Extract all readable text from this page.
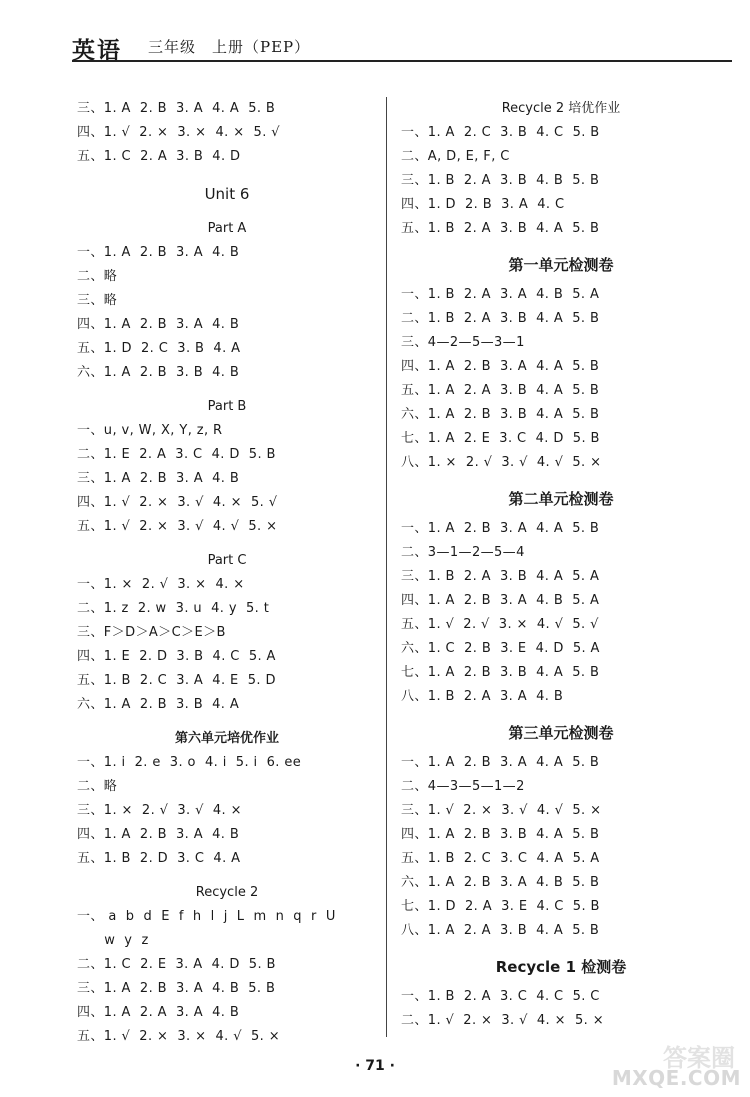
英语 三年级　上册（PEP）

三、1. A  2. B  3. A  4. A  5. B

四、1. √  2. ×  3. ×  4. ×  5. √

五、1. C  2. A  3. B  4. D

Unit 6

Part A

一、1. A  2. B  3. A  4. B

二、略

三、略

四、1. A  2. B  3. A  4. B

五、1. D  2. C  3. B  4. A

六、1. A  2. B  3. B  4. B

Part B

一、u, v, W, X, Y, z, R

二、1. E  2. A  3. C  4. D  5. B

三、1. A  2. B  3. A  4. B

四、1. √  2. ×  3. √  4. ×  5. √

五、1. √  2. ×  3. √  4. √  5. ×

Part C

一、1. ×  2. √  3. ×  4. ×

二、1. z  2. w  3. u  4. y  5. t

三、F＞D＞A＞C＞E＞B

四、1. E  2. D  3. B  4. C  5. A

五、1. B  2. C  3. A  4. E  5. D

六、1. A  2. B  3. B  4. A

第六单元培优作业

一、1. i  2. e  3. o  4. i  5. i  6. ee

二、略

三、1. ×  2. √  3. √  4. ×

四、1. A  2. B  3. A  4. B

五、1. B  2. D  3. C  4. A

Recycle 2

一、 a  b  d  E  f  h  l  j  L  m  n  q  r  U

w  y  z

二、1. C  2. E  3. A  4. D  5. B

三、1. A  2. B  3. A  4. B  5. B

四、1. A  2. A  3. A  4. B

五、1. √  2. ×  3. ×  4. √  5. ×

Recycle 2 培优作业

一、1. A  2. C  3. B  4. C  5. B

二、A, D, E, F, C

三、1. B  2. A  3. B  4. B  5. B

四、1. D  2. B  3. A  4. C

五、1. B  2. A  3. B  4. A  5. B

第一单元检测卷

一、1. B  2. A  3. A  4. B  5. A

二、1. B  2. A  3. B  4. A  5. B

三、4—2—5—3—1

四、1. A  2. B  3. A  4. A  5. B

五、1. A  2. A  3. B  4. A  5. B

六、1. A  2. B  3. B  4. A  5. B

七、1. A  2. E  3. C  4. D  5. B

八、1. ×  2. √  3. √  4. √  5. ×

第二单元检测卷

一、1. A  2. B  3. A  4. A  5. B

二、3—1—2—5—4

三、1. B  2. A  3. B  4. A  5. A

四、1. A  2. B  3. A  4. B  5. A

五、1. √  2. √  3. ×  4. √  5. √

六、1. C  2. B  3. E  4. D  5. A

七、1. A  2. B  3. B  4. A  5. B

八、1. B  2. A  3. A  4. B

第三单元检测卷

一、1. A  2. B  3. A  4. A  5. B

二、4—3—5—1—2

三、1. √  2. ×  3. √  4. √  5. ×

四、1. A  2. B  3. B  4. A  5. B

五、1. B  2. C  3. C  4. A  5. A

六、1. A  2. B  3. A  4. B  5. B

七、1. D  2. A  3. E  4. C  5. B

八、1. A  2. A  3. B  4. A  5. B

Recycle 1 检测卷

一、1. B  2. A  3. C  4. C  5. C

二、1. √  2. ×  3. √  4. ×  5. ×

· 71 ·	答案圈
MXQE.COM
